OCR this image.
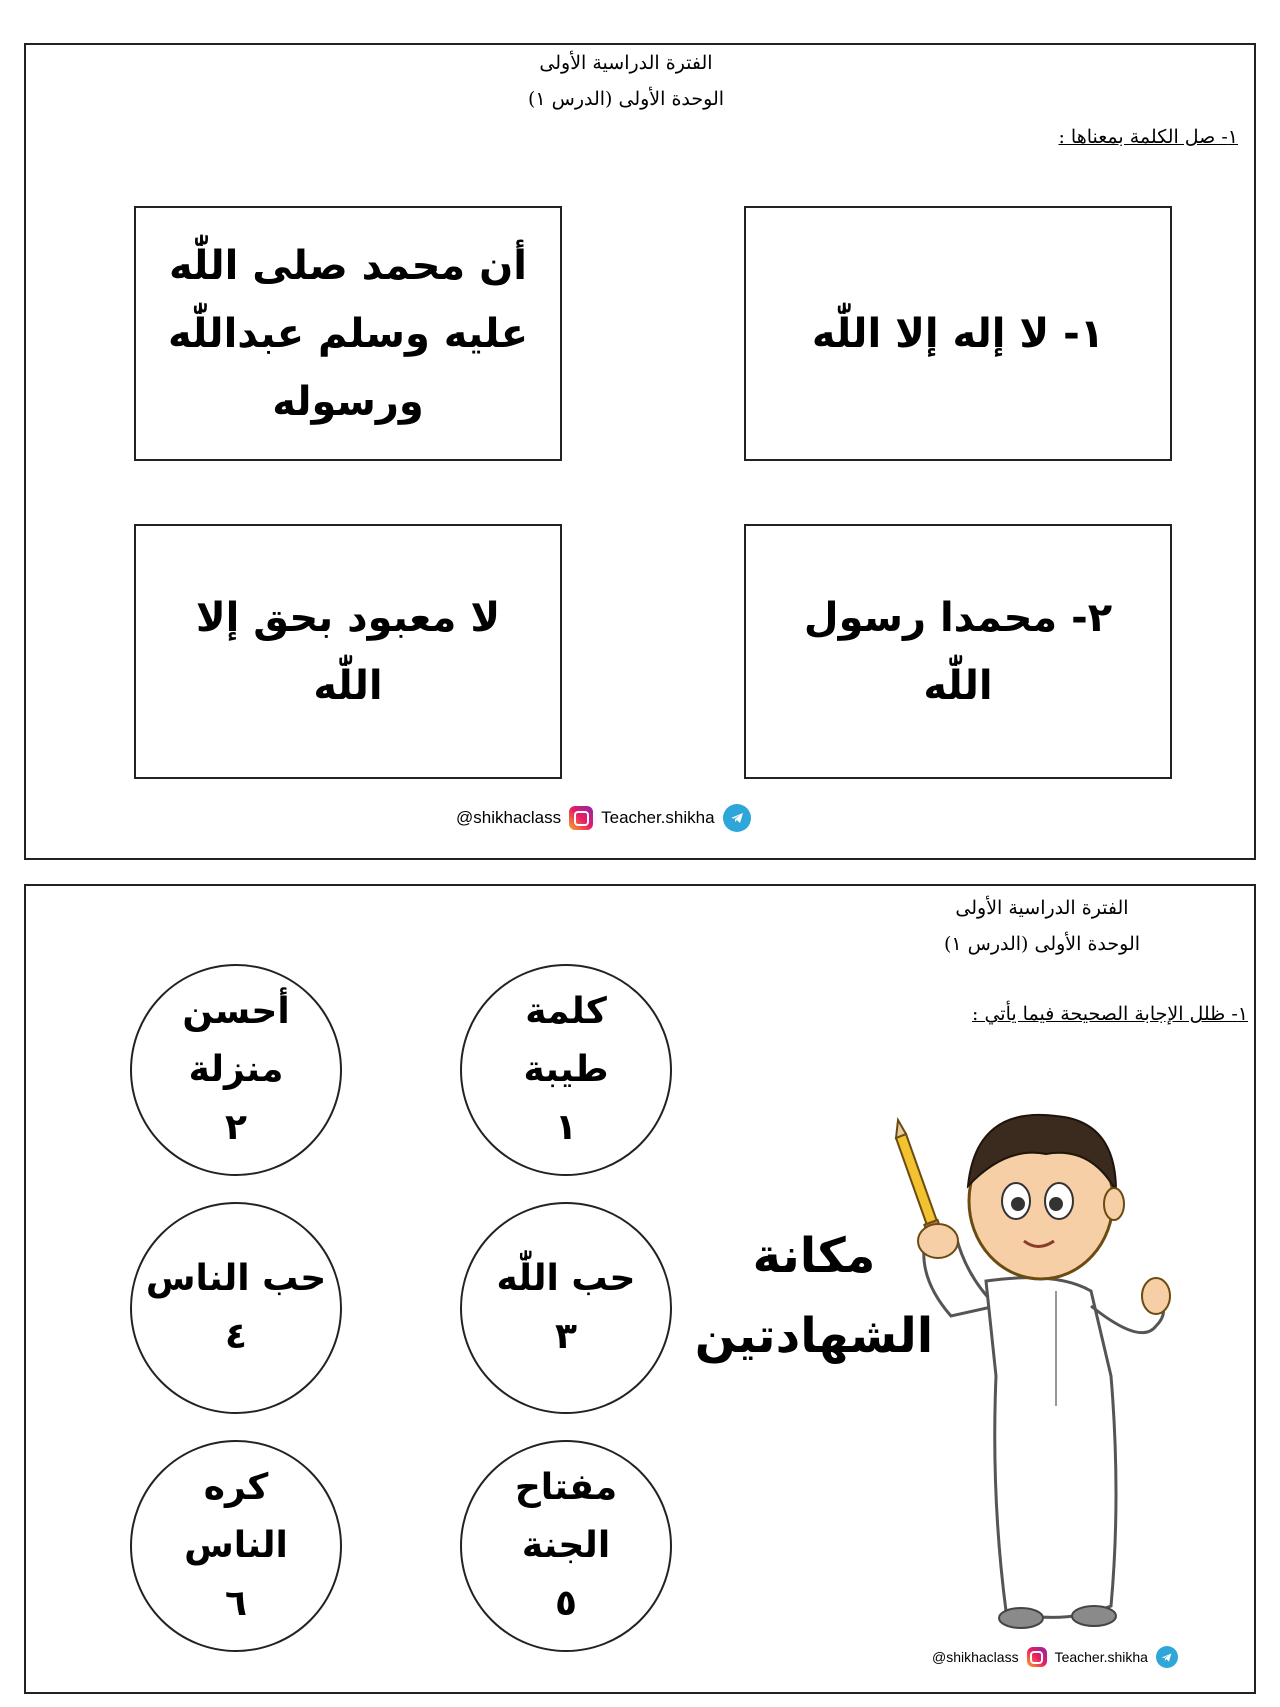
الفترة الدراسية الأولى
الوحدة الأولى (الدرس ١)
١- صل الكلمة بمعناها :
١- لا إله إلا اللّٰه
أن محمد صلى اللّٰه عليه وسلم عبداللّٰه ورسوله
٢- محمدا رسول اللّٰه
لا معبود بحق إلا اللّٰه
@shikhaclass Teacher.shikha
الفترة الدراسية الأولى
الوحدة الأولى (الدرس ١)
١- ظلل الإجابة الصحيحة فيما يأتي :
كلمة
طيبة
١
أحسن
منزلة
٢
حب اللّٰه
٣
حب الناس
٤
مفتاح
الجنة
٥
كره
الناس
٦
مكانة
الشهادتين
@shikhaclass	Teacher.shikha
